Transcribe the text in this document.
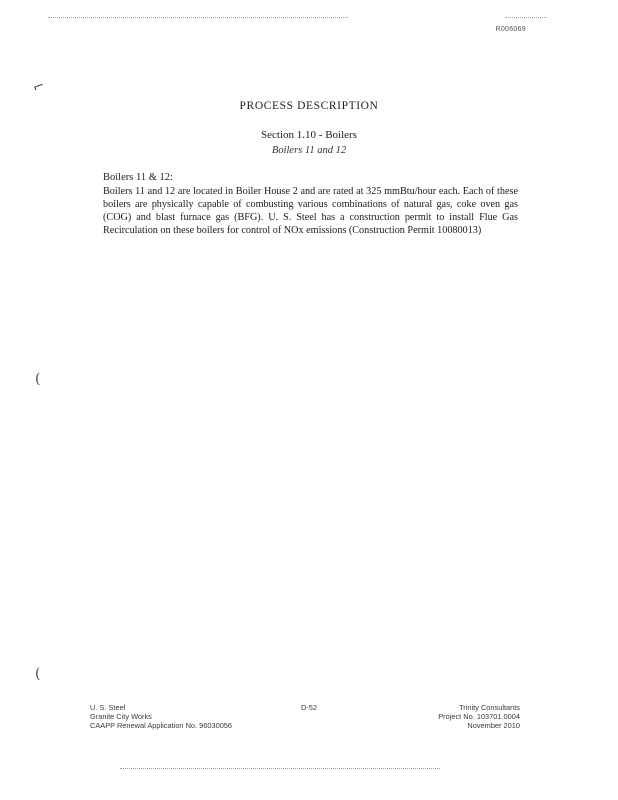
R006069
⌐
(
(
PROCESS DESCRIPTION
Section 1.10 - Boilers
Boilers 11 and 12
Boilers 11 & 12:

Boilers 11 and 12 are located in Boiler House 2 and are rated at 325 mmBtu/hour each. Each of these boilers are physically capable of combusting various combinations of natural gas, coke oven gas (COG) and blast furnace gas (BFG). U. S. Steel has a construction permit to install Flue Gas Recirculation on these boilers for control of NOx emissions (Construction Permit 10080013)

U. S. Steel
Granite City Works
CAAPP Renewal Application No. 96030056
D-52	Trinity Consultants
Project No. 103701.0004
November 2010
